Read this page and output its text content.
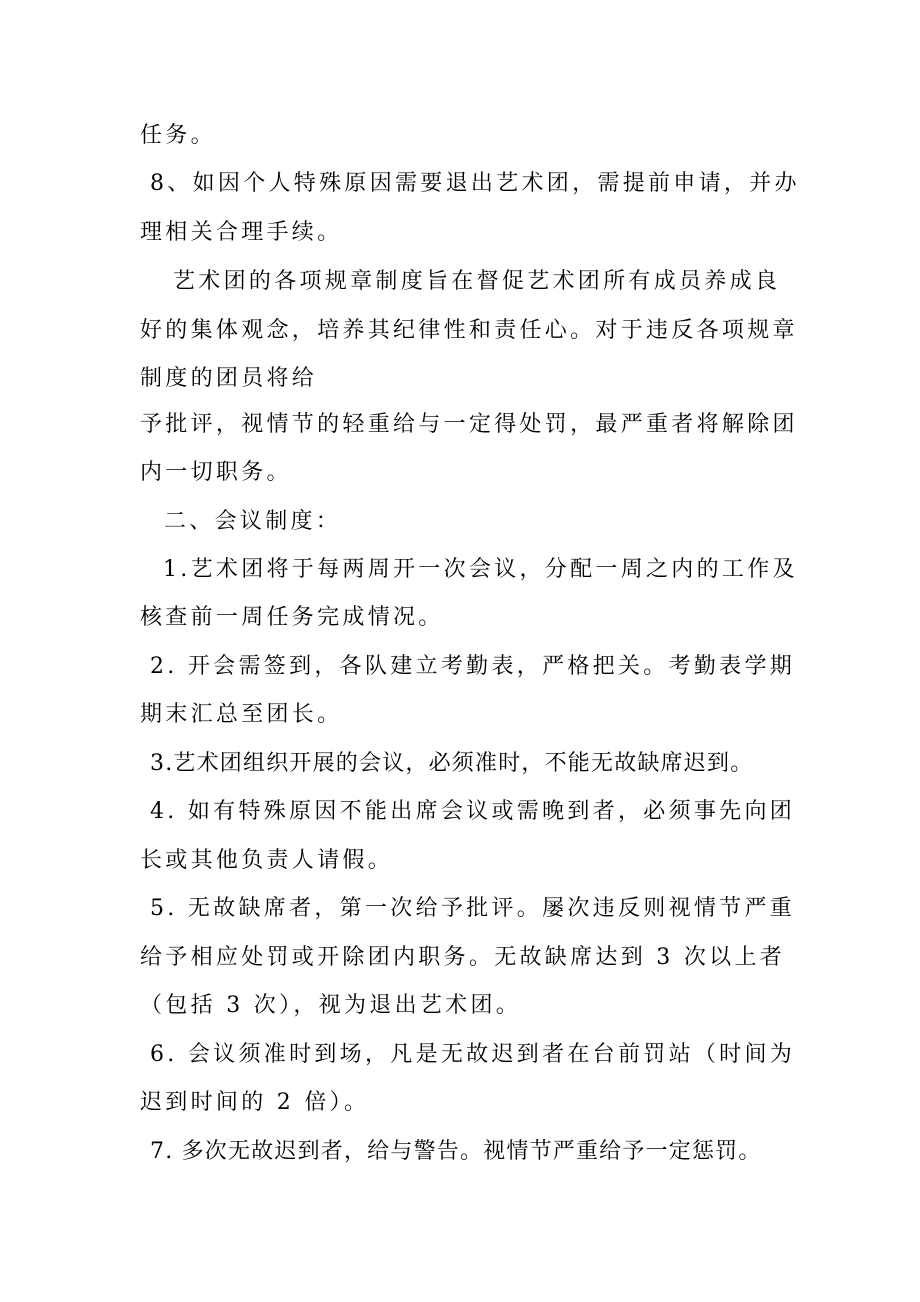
任务。
8、如因个人特殊原因需要退出艺术团，需提前申请，并办
理相关合理手续。
艺术团的各项规章制度旨在督促艺术团所有成员养成良
好的集体观念，培养其纪律性和责任心。对于违反各项规章
制度的团员将给
予批评，视情节的轻重给与一定得处罚，最严重者将解除团
内一切职务。
二、会议制度：
1.艺术团将于每两周开一次会议，分配一周之内的工作及
核查前一周任务完成情况。
2. 开会需签到，各队建立考勤表，严格把关。考勤表学期
期末汇总至团长。
3.艺术团组织开展的会议，必须准时，不能无故缺席迟到。
4. 如有特殊原因不能出席会议或需晚到者，必须事先向团
长或其他负责人请假。
5. 无故缺席者，第一次给予批评。屡次违反则视情节严重
给予相应处罚或开除团内职务。无故缺席达到 3 次以上者
（包括 3 次），视为退出艺术团。
6. 会议须准时到场，凡是无故迟到者在台前罚站（时间为
迟到时间的 2 倍）。
7. 多次无故迟到者，给与警告。视情节严重给予一定惩罚。
